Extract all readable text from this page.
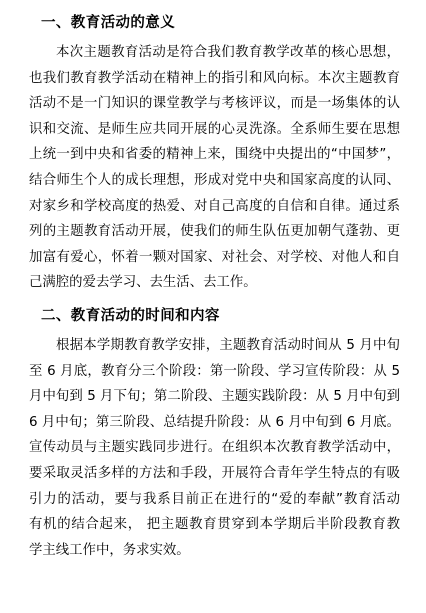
一、教育活动的意义
本次主题教育活动是符合我们教育教学改革的核心思想，
也我们教育教学活动在精神上的指引和风向标。本次主题教育
活动不是一门知识的课堂教学与考核评议，而是一场集体的认
识和交流、是师生应共同开展的心灵洗涤。全系师生要在思想
上统一到中央和省委的精神上来，围绕中央提出的“中国梦”，
结合师生个人的成长理想，形成对党中央和国家高度的认同、
对家乡和学校高度的热爱、对自己高度的自信和自律。通过系
列的主题教育活动开展，使我们的师生队伍更加朝气蓬勃、更
加富有爱心，怀着一颗对国家、对社会、对学校、对他人和自
己满腔的爱去学习、去生活、去工作。
二、教育活动的时间和内容
根据本学期教育教学安排，主题教育活动时间从 5 月中旬
至 6 月底，教育分三个阶段：第一阶段、学习宣传阶段：从 5
月中旬到 5 月下旬；第二阶段、主题实践阶段：从 5 月中旬到
6 月中旬；第三阶段、总结提升阶段：从 6 月中旬到 6 月底。
宣传动员与主题实践同步进行。在组织本次教育教学活动中，
要采取灵活多样的方法和手段，开展符合青年学生特点的有吸
引力的活动，要与我系目前正在进行的“爱的奉献”教育活动
有机的结合起来， 把主题教育贯穿到本学期后半阶段教育教
学主线工作中，务求实效。
